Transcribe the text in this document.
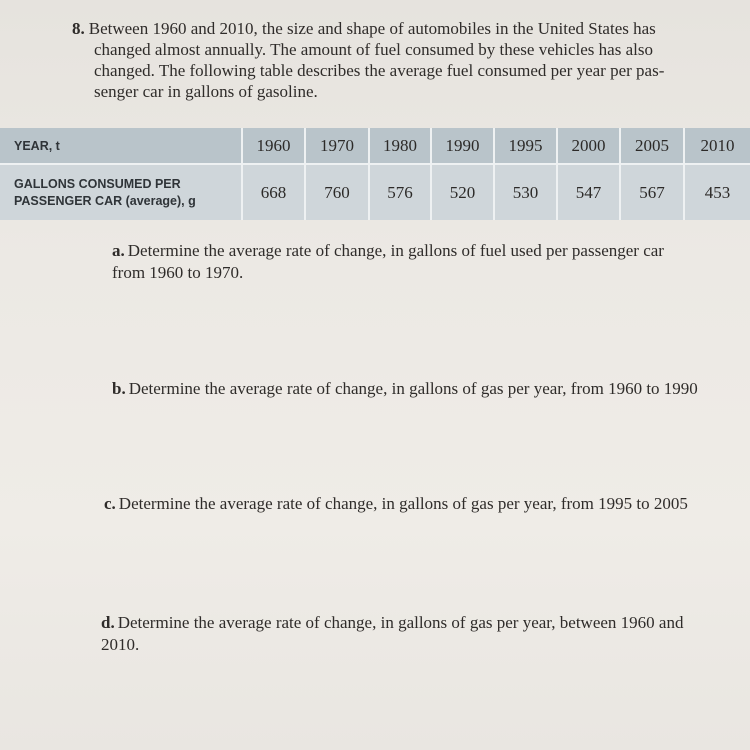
8. Between 1960 and 2010, the size and shape of automobiles in the United States has
changed almost annually. The amount of fuel consumed by these vehicles has also
changed. The following table describes the average fuel consumed per year per pas-
senger car in gallons of gasoline.
YEAR, t	1960	1970	1980	1990	1995	2000	2005	2010

GALLONS CONSUMED PER
PASSENGER CAR (average), g	668	760	576	520	530	547	567	453
a. Determine the average rate of change, in gallons of fuel used per passenger car
from 1960 to 1970.
b. Determine the average rate of change, in gallons of gas per year, from 1960 to 1990
c. Determine the average rate of change, in gallons of gas per year, from 1995 to 2005
d. Determine the average rate of change, in gallons of gas per year, between 1960 and
2010.
